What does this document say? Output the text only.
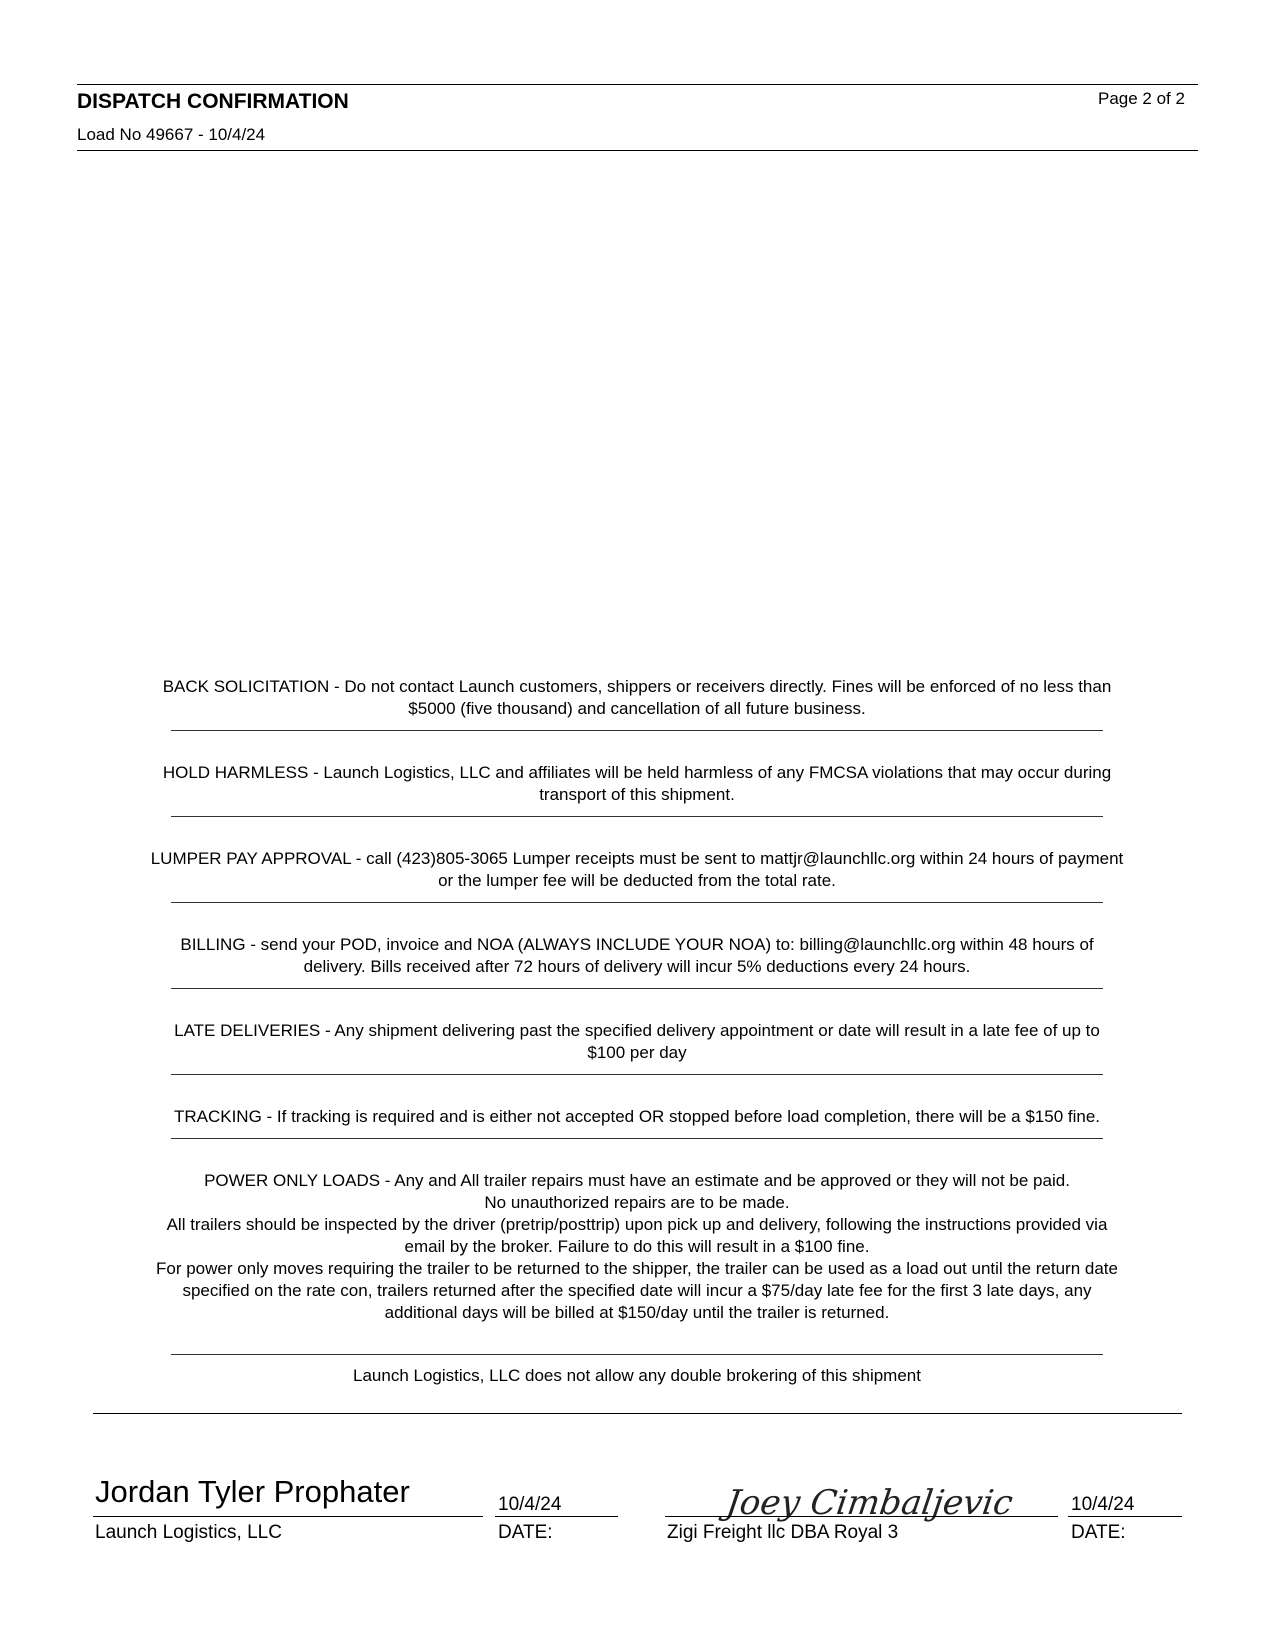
DISPATCH CONFIRMATION	Page 2 of 2
Load No 49667 - 10/4/24
BACK SOLICITATION - Do not contact Launch customers, shippers or receivers directly. Fines will be enforced of no less than
$5000 (five thousand) and cancellation of all future business.
HOLD HARMLESS - Launch Logistics, LLC and affiliates will be held harmless of any FMCSA violations that may occur during
transport of this shipment.
LUMPER PAY APPROVAL - call (423)805-3065 Lumper receipts must be sent to mattjr@launchllc.org within 24 hours of payment
or the lumper fee will be deducted from the total rate.
BILLING - send your POD, invoice and NOA (ALWAYS INCLUDE YOUR NOA) to: billing@launchllc.org within 48 hours of
delivery. Bills received after 72 hours of delivery will incur 5% deductions every 24 hours.
LATE DELIVERIES - Any shipment delivering past the specified delivery appointment or date will result in a late fee of up to
$100 per day
TRACKING - If tracking is required and is either not accepted OR stopped before load completion, there will be a $150 fine.
POWER ONLY LOADS - Any and All trailer repairs must have an estimate and be approved or they will not be paid.
No unauthorized repairs are to be made.
All trailers should be inspected by the driver (pretrip/posttrip) upon pick up and delivery, following the instructions provided via
email by the broker. Failure to do this will result in a $100 fine.
For power only moves requiring the trailer to be returned to the shipper, the trailer can be used as a load out until the return date
specified on the rate con, trailers returned after the specified date will incur a $75/day late fee for the first 3 late days, any
additional days will be billed at $150/day until the trailer is returned.
Launch Logistics, LLC does not allow any double brokering of this shipment
Jordan Tyler Prophater
Launch Logistics, LLC
10/4/24
DATE:
Joey Cimbaljevic
Zigi Freight llc DBA Royal 3
10/4/24
DATE:
